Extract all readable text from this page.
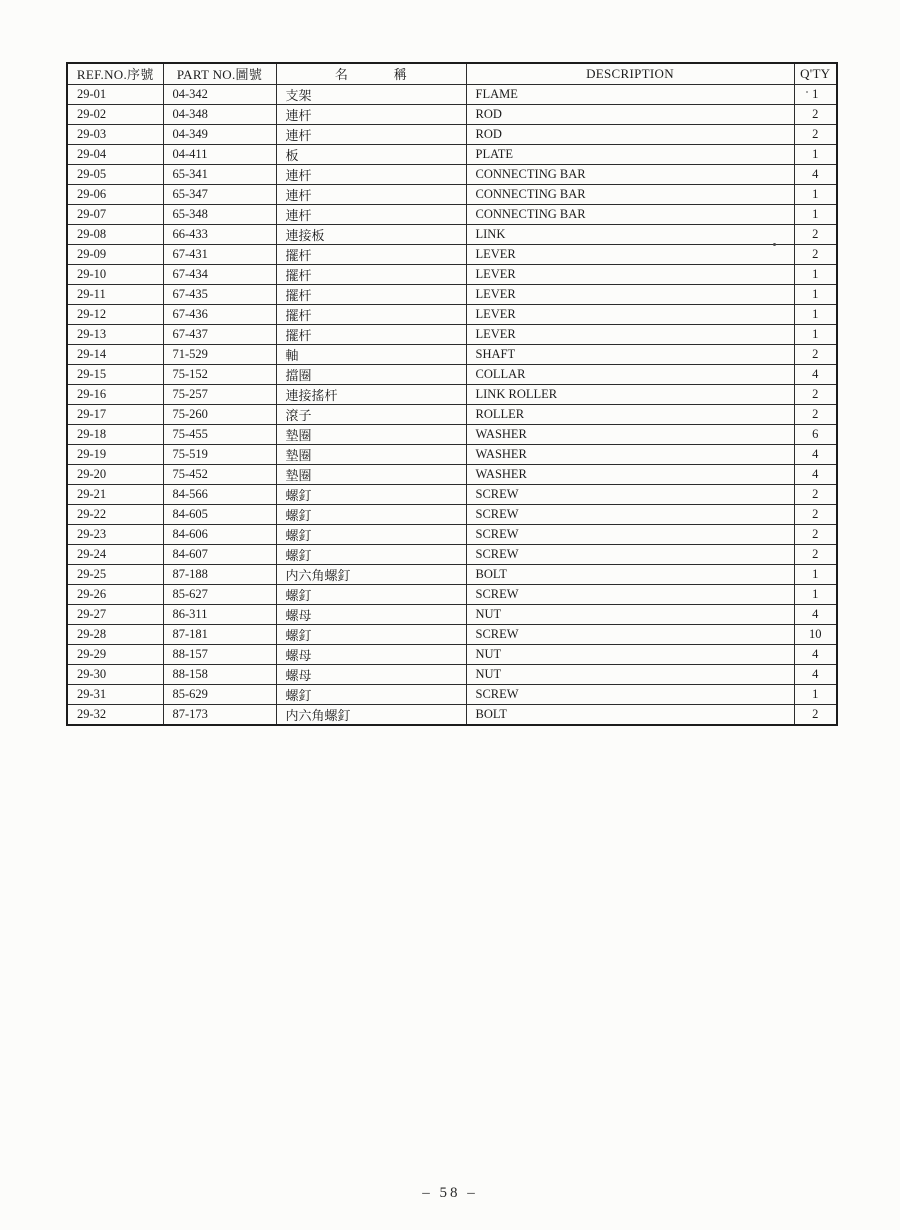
REF.NO.序號	PART NO.圖號	名 稱	DESCRIPTION	Q'TY
29-01	04-342	支架	FLAME	1
29-02	04-348	連杆	ROD	2
29-03	04-349	連杆	ROD	2
29-04	04-411	板	PLATE	1
29-05	65-341	連杆	CONNECTING BAR	4
29-06	65-347	連杆	CONNECTING BAR	1
29-07	65-348	連杆	CONNECTING BAR	1
29-08	66-433	連接板	LINK	2
29-09	67-431	擺杆	LEVER	2
29-10	67-434	擺杆	LEVER	1
29-11	67-435	擺杆	LEVER	1
29-12	67-436	擺杆	LEVER	1
29-13	67-437	擺杆	LEVER	1
29-14	71-529	軸	SHAFT	2
29-15	75-152	擋圈	COLLAR	4
29-16	75-257	連接搖杆	LINK ROLLER	2
29-17	75-260	滾子	ROLLER	2
29-18	75-455	墊圈	WASHER	6
29-19	75-519	墊圈	WASHER	4
29-20	75-452	墊圈	WASHER	4
29-21	84-566	螺釘	SCREW	2
29-22	84-605	螺釘	SCREW	2
29-23	84-606	螺釘	SCREW	2
29-24	84-607	螺釘	SCREW	2
29-25	87-188	内六角螺釘	BOLT	1
29-26	85-627	螺釘	SCREW	1
29-27	86-311	螺母	NUT	4
29-28	87-181	螺釘	SCREW	10
29-29	88-157	螺母	NUT	4
29-30	88-158	螺母	NUT	4
29-31	85-629	螺釘	SCREW	1
29-32	87-173	内六角螺釘	BOLT	2
– 58 –
